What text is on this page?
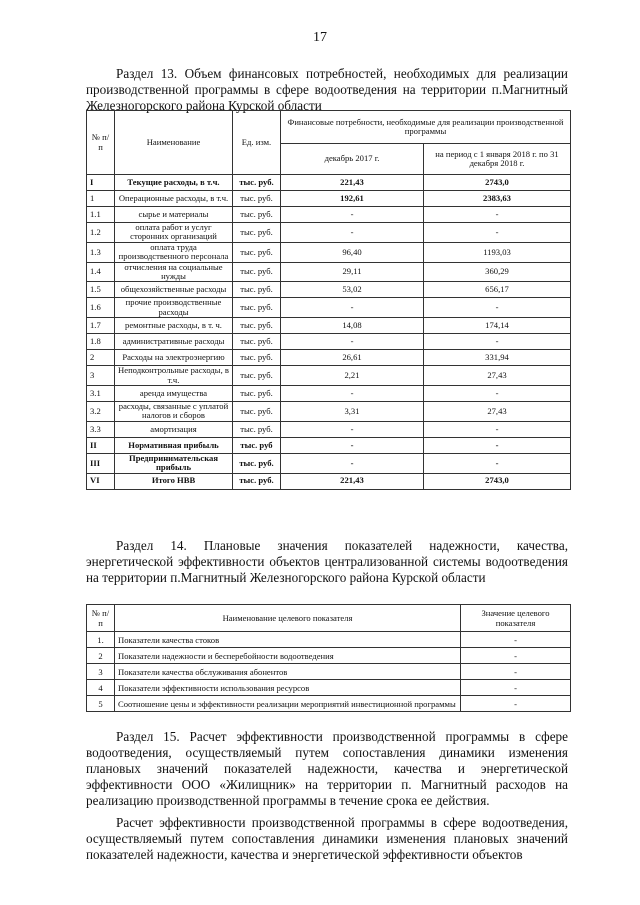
17

Раздел 13. Объем финансовых потребностей, необходимых для реализации производственной программы в сфере водоотведения на территории п.Магнитный Железногорского района Курской области

№ п/п	Наименование	Ед. изм.	Финансовые потребности, необходимые для реализации производственной программы	
			декабрь 2017 г.	на период с 1 января 2018 г. по 31 декабря 2018 г.
I	Текущие расходы, в т.ч.	тыс. руб.	221,43	2743,0
1	Операционные расходы, в т.ч.	тыс. руб.	192,61	2383,63
1.1	сырье и материалы	тыс. руб.	-	-
1.2	оплата работ и услуг сторонних организаций	тыс. руб.	-	-
1.3	оплата труда производственного персонала	тыс. руб.	96,40	1193,03
1.4	отчисления на социальные нужды	тыс. руб.	29,11	360,29
1.5	общехозяйственные расходы	тыс. руб.	53,02	656,17
1.6	прочие производственные расходы	тыс. руб.	-	-
1.7	ремонтные расходы, в т. ч.	тыс. руб.	14,08	174,14
1.8	административные расходы	тыс. руб.	-	-
2	Расходы на электроэнергию	тыс. руб.	26,61	331,94
3	Неподконтрольные расходы, в т.ч.	тыс. руб.	2,21	27,43
3.1	аренда имущества	тыс. руб.	-	-
3.2	расходы, связанные с уплатой налогов и сборов	тыс. руб.	3,31	27,43
3.3	амортизация	тыс. руб.	-	-
II	Нормативная прибыль	тыс. руб	-	-
III	Предпринимательская прибыль	тыс. руб.	-	-
VI	Итого НВВ	тыс. руб.	221,43	2743,0

Раздел 14. Плановые значения показателей надежности, качества, энергетической эффективности объектов централизованной системы водоотведения на территории п.Магнитный Железногорского района Курской области

№ п/п	Наименование целевого показателя	Значение целевого показателя
1.	Показатели качества стоков	-
2	Показатели надежности и бесперебойности водоотведения	-
3	Показатели качества обслуживания абонентов	-
4	Показатели эффективности использования ресурсов	-
5	Соотношение цены и эффективности реализации мероприятий инвестиционной программы	-

Раздел 15. Расчет эффективности производственной программы в сфере водоотведения, осуществляемый путем сопоставления динамики изменения плановых значений показателей надежности, качества и энергетической эффективности ООО «Жилищник» на территории п. Магнитный расходов на реализацию производственной программы в течение срока ее действия.

Расчет эффективности производственной программы в сфере водоотведения, осуществляемый путем сопоставления динамики изменения плановых значений показателей надежности, качества и энергетической эффективности объектов
